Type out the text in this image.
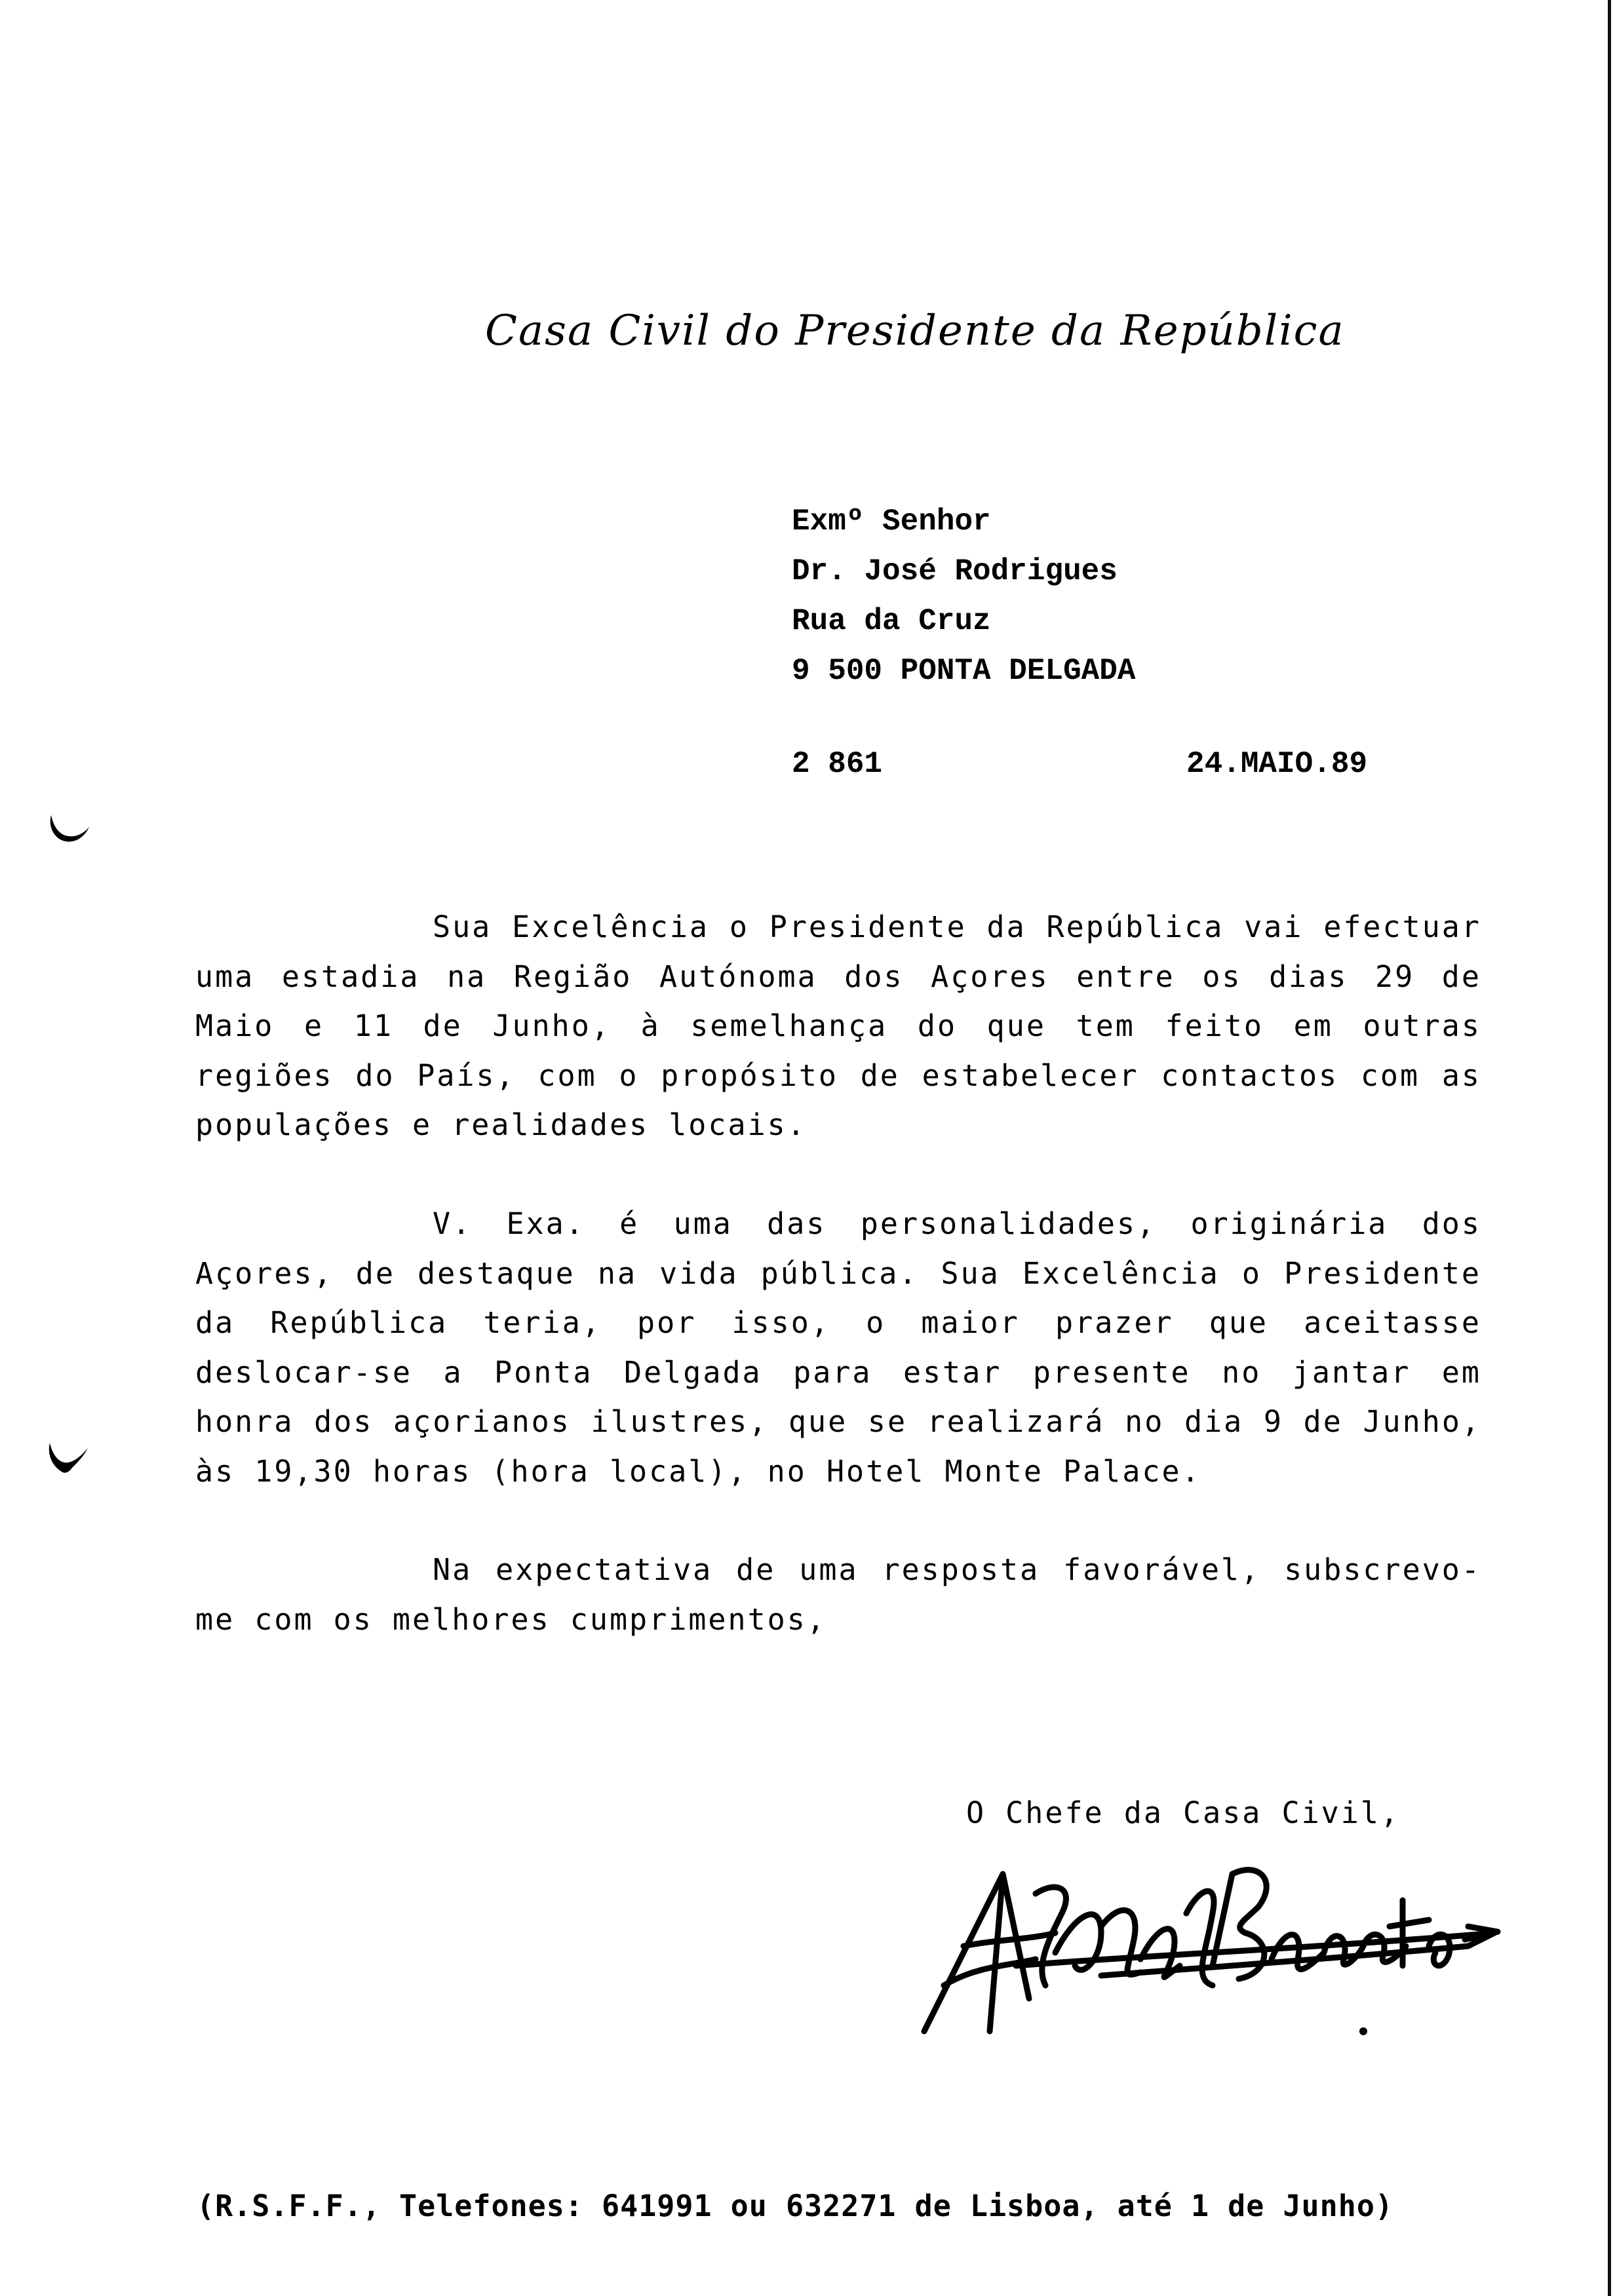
Casa Civil do Presidente da República
Exmº Senhor
Dr. José Rodrigues
Rua da Cruz
9 500 PONTA DELGADA
2 861	24.MAIO.89
Sua Excelência o Presidente da República vai efectuar uma estadia na Região Autónoma dos Açores entre os dias 29 de Maio e 11 de Junho, à semelhança do que tem feito em outras regiões do País, com o propósito de estabelecer contactos com as populações e realidades locais.
V. Exa. é uma das personalidades, originária dos Açores, de destaque na vida pública. Sua Excelência o Presidente da República teria, por isso, o maior prazer que aceitasse deslocar-se a Ponta Delgada para estar presente no jantar em honra dos açorianos ilustres, que se realizará no dia 9 de Junho, às 19,30 horas (hora local), no Hotel Monte Palace.
Na expectativa de uma resposta favorável, subscrevo-me com os melhores cumprimentos,
O Chefe da Casa Civil,
(R.S.F.F., Telefones: 641991 ou 632271 de Lisboa, até 1 de Junho)
